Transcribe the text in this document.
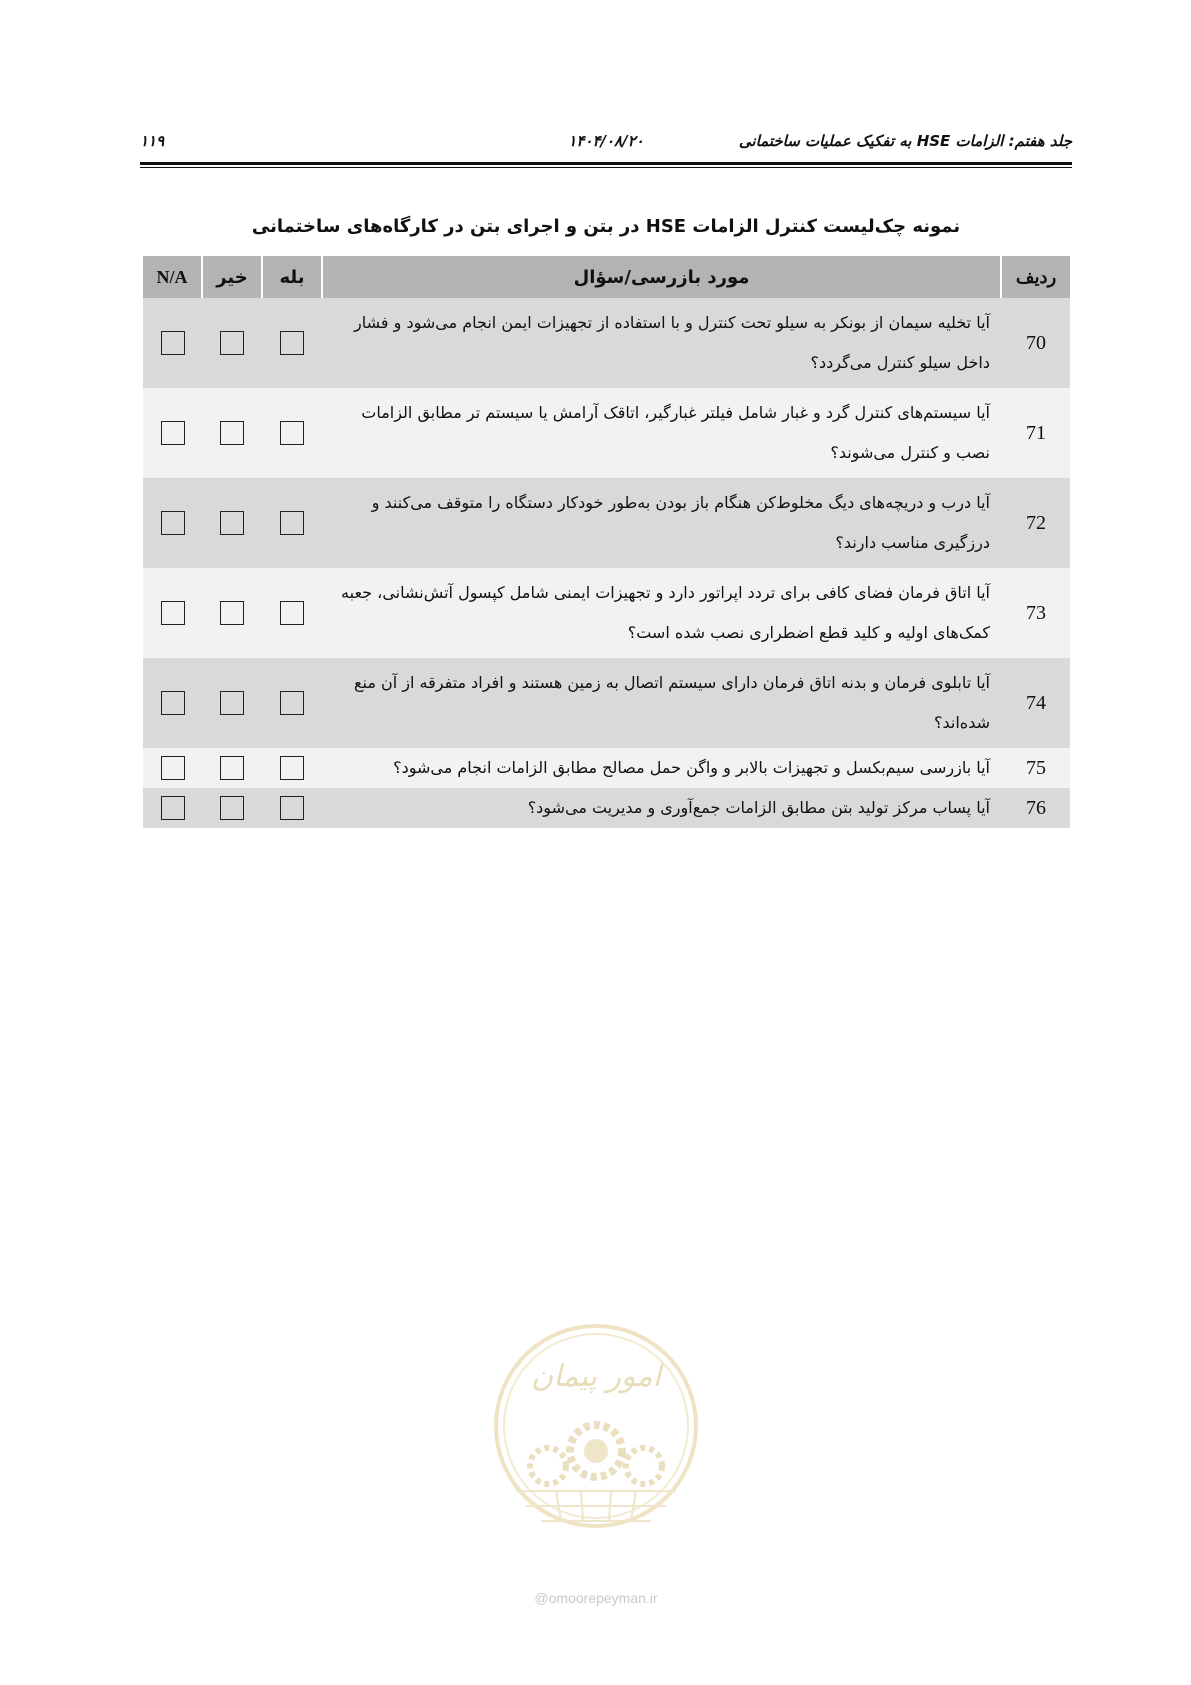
جلد هفتم: الزامات HSE به تفکیک عملیات ساختمانی
۱۴۰۴/۰۸/۲۰
۱۱۹
نمونه چک‌لیست کنترل الزامات HSE در بتن و اجرای بتن در کارگاه‌های ساختمانی
ردیف	مورد بازرسی/سؤال	بله	خیر	N/A
70	آیا تخلیه سیمان از بونکر به سیلو تحت کنترل و با استفاده از تجهیزات ایمن انجام می‌شود و فشار داخل سیلو کنترل می‌گردد؟			
71	آیا سیستم‌های کنترل گرد و غبار شامل فیلتر غبارگیر، اتاقک آرامش یا سیستم تر مطابق الزامات نصب و کنترل می‌شوند؟			
72	آیا درب و دریچه‌های دیگ مخلوط‌کن هنگام باز بودن به‌طور خودکار دستگاه را متوقف می‌کنند و درزگیری مناسب دارند؟			
73	آیا اتاق فرمان فضای کافی برای تردد اپراتور دارد و تجهیزات ایمنی شامل کپسول آتش‌نشانی، جعبه کمک‌های اولیه و کلید قطع اضطراری نصب شده است؟			
74	آیا تابلوی فرمان و بدنه اتاق فرمان دارای سیستم اتصال به زمین هستند و افراد متفرقه از آن منع شده‌اند؟			
75	آیا بازرسی سیم‌بکسل و تجهیزات بالابر و واگن حمل مصالح مطابق الزامات انجام می‌شود؟			
76	آیا پساب مرکز تولید بتن مطابق الزامات جمع‌آوری و مدیریت می‌شود؟			
امور پیمان
@omoorepeyman.ir
